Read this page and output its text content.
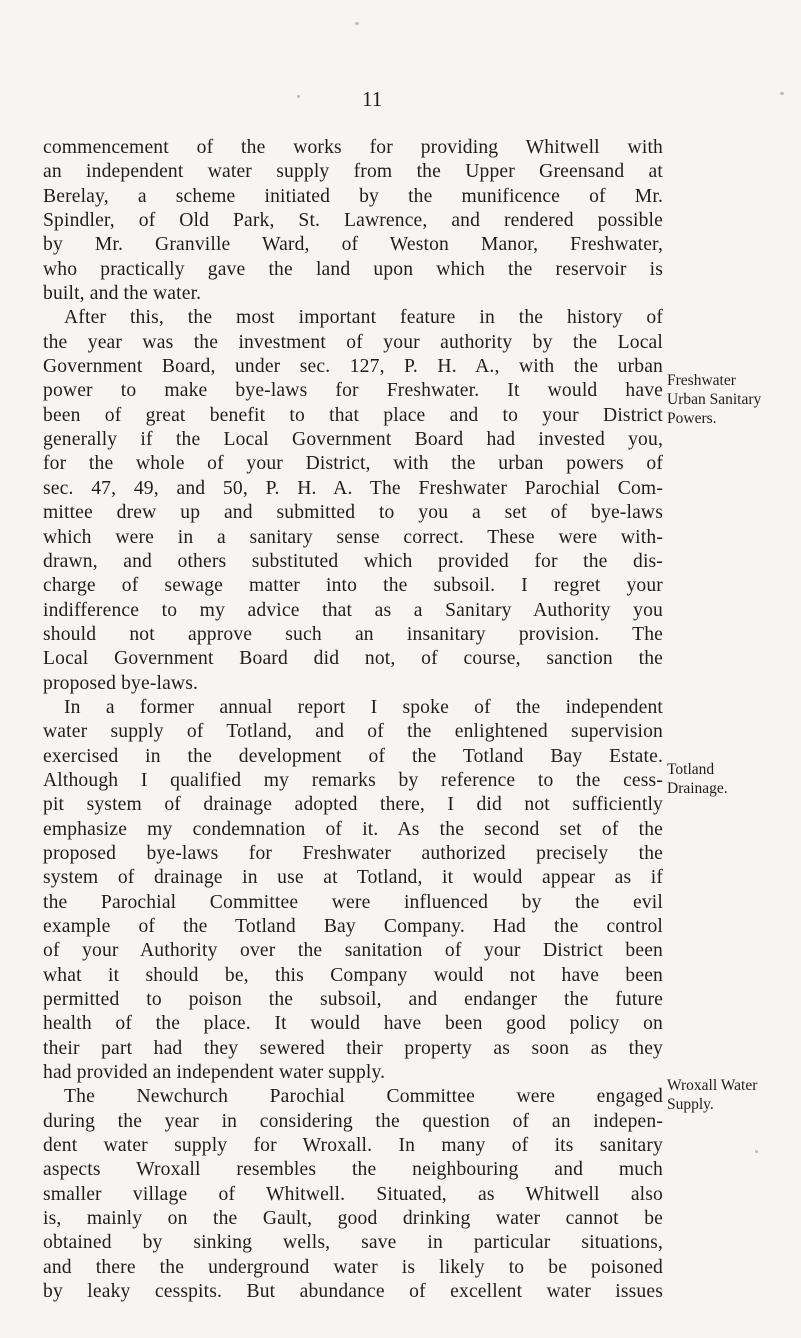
11
commencement of the works for providing Whitwell with
an independent water supply from the Upper Greensand at
Berelay, a scheme initiated by the munificence of Mr.
Spindler, of Old Park, St. Lawrence, and rendered possible
by Mr. Granville Ward, of Weston Manor, Freshwater,
who practically gave the land upon which the reservoir is
built, and the water.
After this, the most important feature in the history of
the year was the investment of your authority by the Local
Government Board, under sec. 127, P. H. A., with the urban
power to make bye-laws for Freshwater. It would have
been of great benefit to that place and to your District
generally if the Local Government Board had invested you,
for the whole of your District, with the urban powers of
sec. 47, 49, and 50, P. H. A. The Freshwater Parochial Com-
mittee drew up and submitted to you a set of bye-laws
which were in a sanitary sense correct. These were with-
drawn, and others substituted which provided for the dis-
charge of sewage matter into the subsoil. I regret your
indifference to my advice that as a Sanitary Authority you
should not approve such an insanitary provision. The
Local Government Board did not, of course, sanction the
proposed bye-laws.
In a former annual report I spoke of the independent
water supply of Totland, and of the enlightened supervision
exercised in the development of the Totland Bay Estate.
Although I qualified my remarks by reference to the cess-
pit system of drainage adopted there, I did not sufficiently
emphasize my condemnation of it. As the second set of the
proposed bye-laws for Freshwater authorized precisely the
system of drainage in use at Totland, it would appear as if
the Parochial Committee were influenced by the evil
example of the Totland Bay Company. Had the control
of your Authority over the sanitation of your District been
what it should be, this Company would not have been
permitted to poison the subsoil, and endanger the future
health of the place. It would have been good policy on
their part had they sewered their property as soon as they
had provided an independent water supply.
The Newchurch Parochial Committee were engaged
during the year in considering the question of an indepen-
dent water supply for Wroxall. In many of its sanitary
aspects Wroxall resembles the neighbouring and much
smaller village of Whitwell. Situated, as Whitwell also
is, mainly on the Gault, good drinking water cannot be
obtained by sinking wells, save in particular situations,
and there the underground water is likely to be poisoned
by leaky cesspits. But abundance of excellent water issues
Freshwater
Urban Sanitary
Powers.
Totland
Drainage.
Wroxall Water
Supply.
